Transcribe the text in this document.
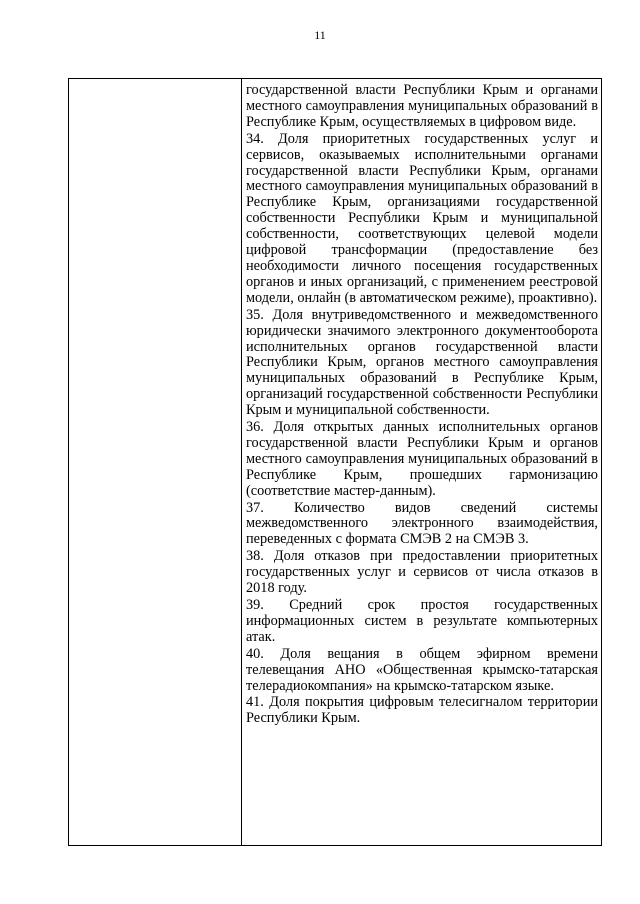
11
государственной власти Республики Крым и органами местного самоуправления муниципальных образований в Республике Крым, осуществляемых в цифровом виде.
34. Доля приоритетных государственных услуг и сервисов, оказываемых исполнительными органами государственной власти Республики Крым, органами местного самоуправления муниципальных образований в Республике Крым, организациями государственной собственности Республики Крым и муниципальной собственности, соответствующих целевой модели цифровой трансформации (предоставление без необходимости личного посещения государственных органов и иных организаций, с применением реестровой модели, онлайн (в автоматическом режиме), проактивно).
35. Доля внутриведомственного и межведомственного юридически значимого электронного документооборота исполнительных органов государственной власти Республики Крым, органов местного самоуправления муниципальных образований в Республике Крым, организаций государственной собственности Республики Крым и муниципальной собственности.
36. Доля открытых данных исполнительных органов государственной власти Республики Крым и органов местного самоуправления муниципальных образований в Республике Крым, прошедших гармонизацию (соответствие мастер-данным).
37. Количество видов сведений системы межведомственного электронного взаимодействия, переведенных с формата СМЭВ 2 на СМЭВ 3.
38. Доля отказов при предоставлении приоритетных государственных услуг и сервисов от числа отказов в 2018 году.
39. Средний срок простоя государственных информационных систем в результате компьютерных атак.
40. Доля вещания в общем эфирном времени телевещания АНО «Общественная крымско-татарская телерадиокомпания» на крымско-татарском языке.
41. Доля покрытия цифровым телесигналом территории Республики Крым.
